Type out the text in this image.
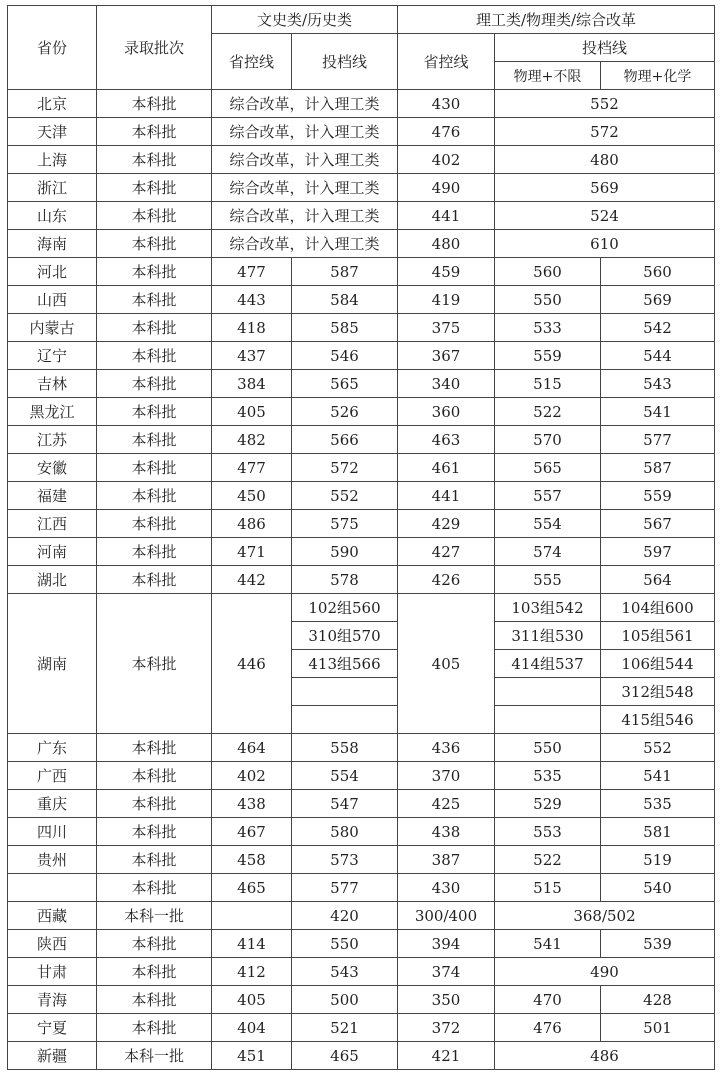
省份	录取批次	文史类/历史类		理工类/物理类/综合改革		
		省控线	投档线	省控线	投档线	
					物理+不限	物理+化学
北京	本科批	综合改革，计入理工类		430	552	
天津	本科批	综合改革，计入理工类		476	572	
上海	本科批	综合改革，计入理工类		402	480	
浙江	本科批	综合改革，计入理工类		490	569	
山东	本科批	综合改革，计入理工类		441	524	
海南	本科批	综合改革，计入理工类		480	610	
河北	本科批	477	587	459	560	560
山西	本科批	443	584	419	550	569
内蒙古	本科批	418	585	375	533	542
辽宁	本科批	437	546	367	559	544
吉林	本科批	384	565	340	515	543
黑龙江	本科批	405	526	360	522	541
江苏	本科批	482	566	463	570	577
安徽	本科批	477	572	461	565	587
福建	本科批	450	552	441	557	559
江西	本科批	486	575	429	554	567
河南	本科批	471	590	427	574	597
湖北	本科批	442	578	426	555	564
湖南	本科批	446	102组560	405	103组542	104组600
			310组570		311组530	105组561
			413组566		414组537	106组544
						312组548
						415组546
广东	本科批	464	558	436	550	552
广西	本科批	402	554	370	535	541
重庆	本科批	438	547	425	529	535
四川	本科批	467	580	438	553	581
贵州	本科批	458	573	387	522	519
	本科批	465	577	430	515	540
西藏	本科一批		420	300/400	368/502	
陕西	本科批	414	550	394	541	539
甘肃	本科批	412	543	374	490	
青海	本科批	405	500	350	470	428
宁夏	本科批	404	521	372	476	501
新疆	本科一批	451	465	421	486	
